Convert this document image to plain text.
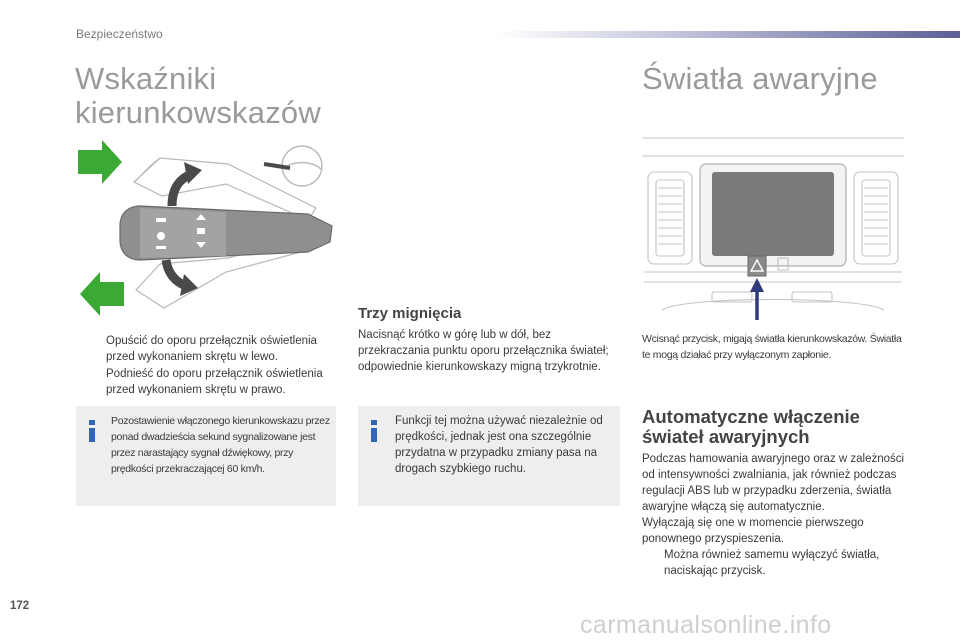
Bezpieczeństwo
Wskaźniki
kierunkowskazów
Opuścić do oporu przełącznik oświetlenia przed wykonaniem skrętu w lewo.
Podnieść do oporu przełącznik oświetlenia przed wykonaniem skrętu w prawo.
Pozostawienie włączonego kierunkowskazu przez ponad dwadzieścia sekund sygnalizowane jest przez narastający sygnał dźwiękowy, przy prędkości przekraczającej 60 km/h.
Trzy mignięcia
Nacisnąć krótko w górę lub w dół, bez przekraczania punktu oporu przełącznika świateł; odpowiednie kierunkowskazy migną trzykrotnie.
Funkcji tej można używać niezależnie od prędkości, jednak jest ona szczególnie przydatna w przypadku zmiany pasa na drogach szybkiego ruchu.
Światła awaryjne
Wcisnąć przycisk, migają światła kierunkowskazów. Światła te mogą działać przy wyłączonym zapłonie.
Automatyczne włączenie
świateł awaryjnych
Podczas hamowania awaryjnego oraz w zależności od intensywności zwalniania, jak również podczas regulacji ABS lub w przypadku zderzenia, światła awaryjne włączą się automatycznie.
Wyłączają się one w momencie pierwszego ponownego przyspieszenia.
Można również samemu wyłączyć światła, naciskając przycisk.
172
carmanualsonline.info
